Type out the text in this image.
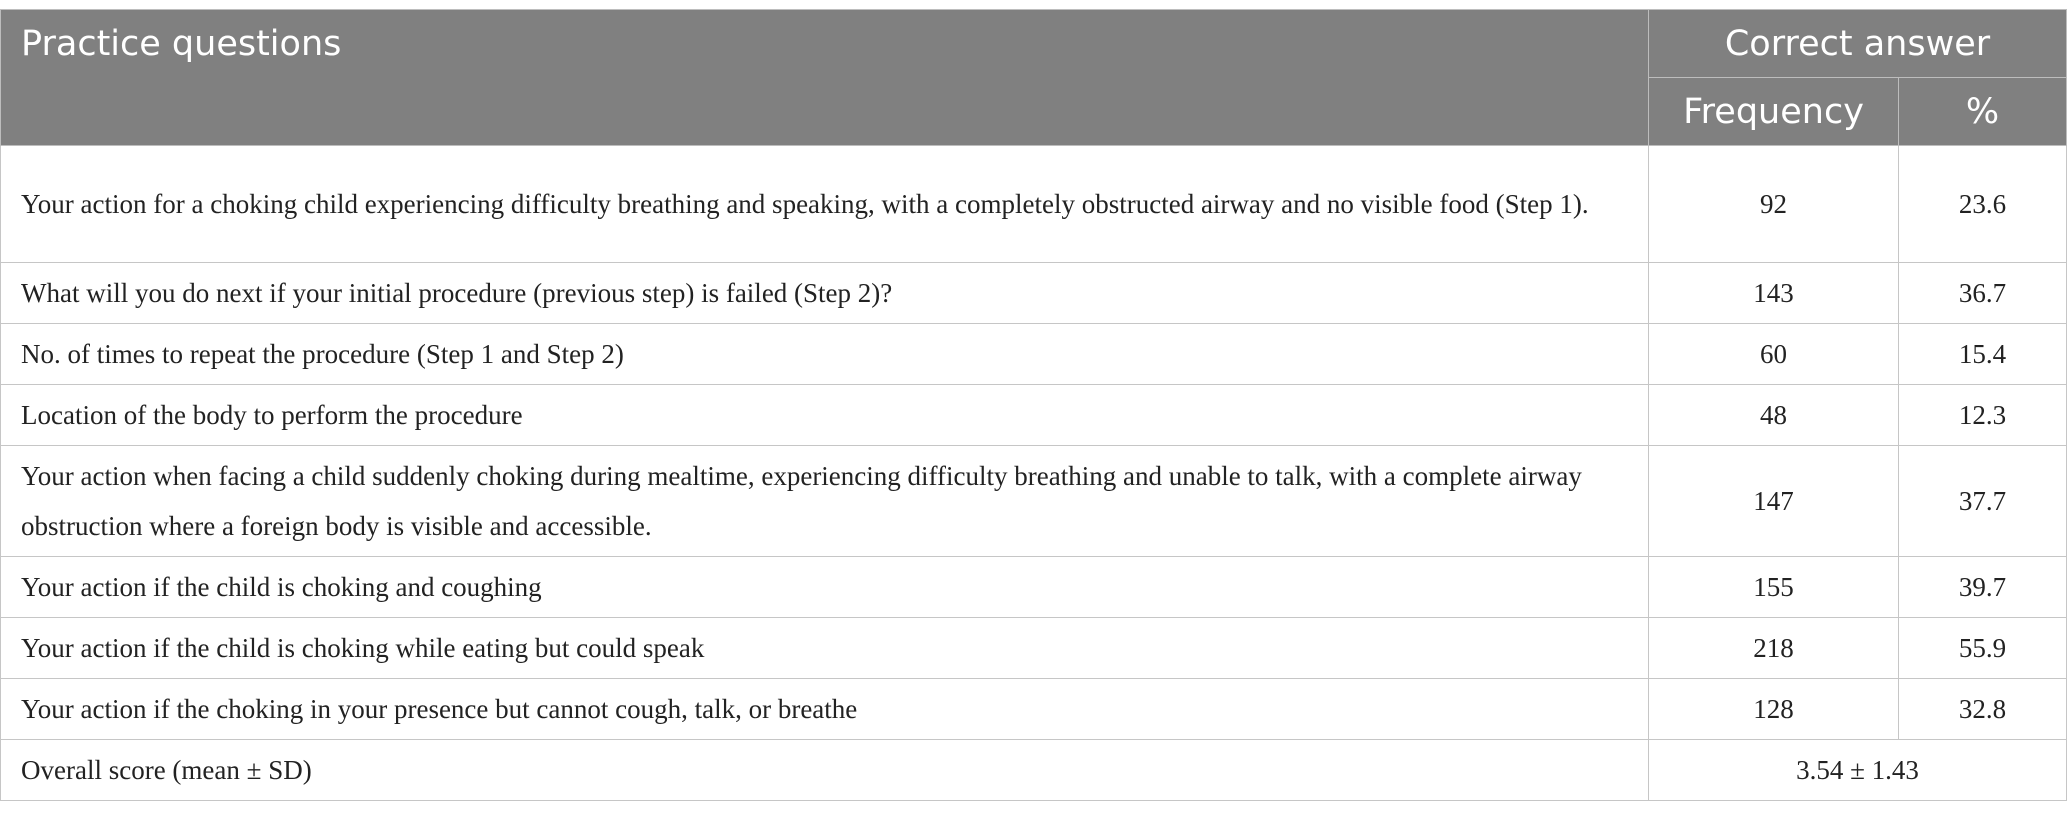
Practice questions	Correct answer	
	Frequency	%
Your action for a choking child experiencing difficulty breathing and speaking, with a completely obstructed airway and no visible food (Step 1).	92	23.6
What will you do next if your initial procedure (previous step) is failed (Step 2)?	143	36.7
No. of times to repeat the procedure (Step 1 and Step 2)	60	15.4
Location of the body to perform the procedure	48	12.3
Your action when facing a child suddenly choking during mealtime, experiencing difficulty breathing and unable to talk, with a complete airway obstruction where a foreign body is visible and accessible.	147	37.7
Your action if the child is choking and coughing	155	39.7
Your action if the child is choking while eating but could speak	218	55.9
Your action if the choking in your presence but cannot cough, talk, or breathe	128	32.8
Overall score (mean ± SD)	3.54 ± 1.43	
